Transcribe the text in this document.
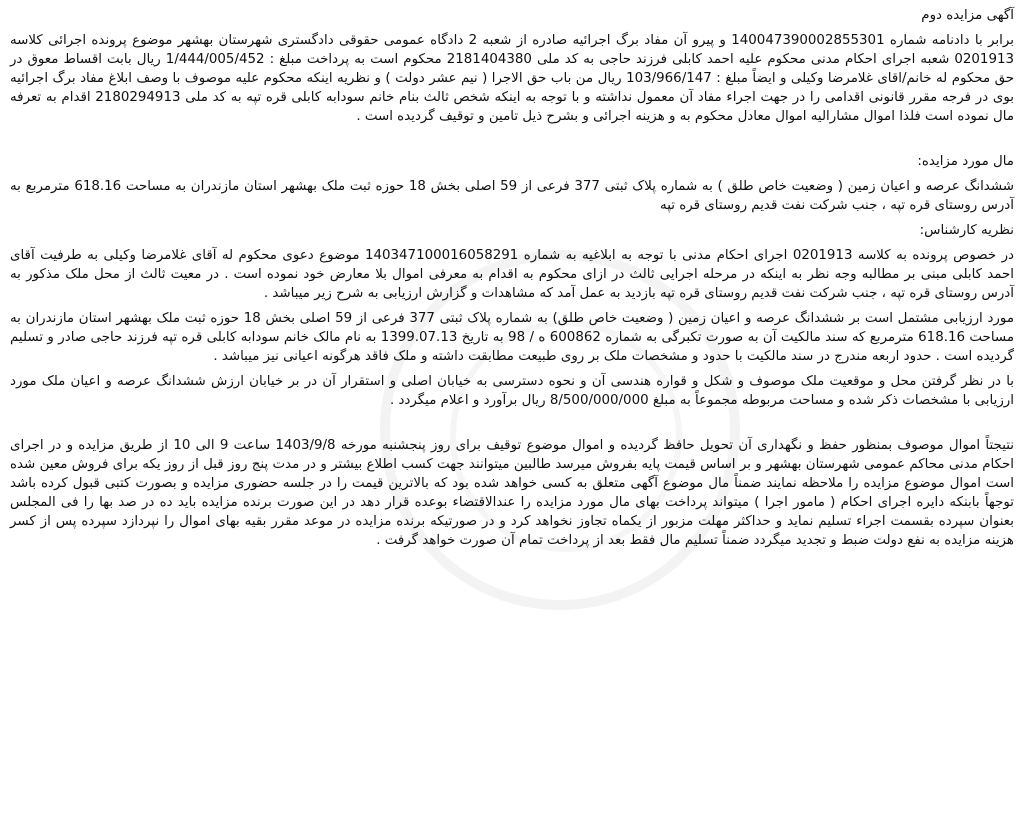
آگهی مزایده دوم

برابر با دادنامه شماره 140047390002855301 و پیرو آن مفاد برگ اجرائیه صادره از شعبه 2 دادگاه عمومی حقوقی دادگستری شهرستان بهشهر موضوع پرونده اجرائی کلاسه 0201913 شعبه اجرای احکام مدنی محکوم علیه احمد کابلی فرزند حاجی به کد ملی 2181404380 محکوم است به پرداخت مبلغ : 1/444/005/452 ریال بابت اقساط معوق در حق محکوم له خانم/اقای غلامرضا وکیلی و ایضاً مبلغ : 103/966/147 ریال من باب حق الاجرا ( نیم عشر دولت ) و نظریه اینکه محکوم علیه موصوف با وصف ابلاغ مفاد برگ اجرائیه بوی در فرجه مقرر قانونی اقدامی را در جهت اجراء مفاد آن معمول نداشته و با توجه به اینکه شخص ثالث بنام خانم سودابه کابلی قره تپه به کد ملی 2180294913 اقدام به تعرفه مال نموده است فلذا اموال مشارالیه اموال معادل محکوم به و هزینه اجرائی و بشرح ذیل تامین و توقیف گردیده است .

مال مورد مزایده:

ششدانگ عرصه و اعیان زمین ( وضعیت خاص طلق ) به شماره پلاک ثبتی 377 فرعی از 59 اصلی بخش 18 حوزه ثبت ملک بهشهر استان مازندران به مساحت 618.16 مترمربع به آدرس روستای قره تپه ، جنب شرکت نفت قدیم روستای قره تپه

نظریه کارشناس:

در خصوص پرونده به کلاسه 0201913 اجرای احکام مدنی با توجه به ابلاغیه به شماره 140347100016058291 موضوع دعوی محکوم له آقای غلامرضا وکیلی به طرفیت آقای احمد کابلی مبنی بر مطالبه وجه نظر به اینکه در مرحله اجرایی ثالث در ازای محکوم به اقدام به معرفی اموال بلا معارض خود نموده است . در معیت ثالث از محل ملک مذکور به آدرس روستای قره تپه ، جنب شرکت نفت قدیم روستای قره تپه بازدید به عمل آمد که مشاهدات و گزارش ارزیابی به شرح زیر میباشد .

مورد ارزیابی مشتمل است بر ششدانگ عرصه و اعیان زمین ( وضعیت خاص طلق) به شماره پلاک ثبتی 377 فرعی از 59 اصلی بخش 18 حوزه ثبت ملک بهشهر استان مازندران به مساحت 618.16 مترمربع که سند مالکیت آن به صورت تکبرگی به شماره 600862 ه / 98 به تاریخ 1399.07.13 به نام مالک خانم سودابه کابلی قره تپه فرزند حاجی صادر و تسلیم گردیده است . حدود اربعه مندرج در سند مالکیت با حدود و مشخصات ملک بر روی طبیعت مطابقت داشته و ملک فاقد هرگونه اعیانی نیز میباشد .

با در نظر گرفتن محل و موقعیت ملک موصوف و شکل و قواره هندسی آن و نحوه دسترسی به خیابان اصلی و استقرار آن در بر خیابان ارزش ششدانگ عرصه و اعیان ملک مورد ارزیابی با مشخصات ذکر شده و مساحت مربوطه مجموعاً به مبلغ 8/500/000/000 ریال برآورد و اعلام میگردد .

نتیجتاً اموال موصوف بمنظور حفظ و نگهداری آن تحویل حافظ گردیده و اموال موضوع توقیف برای روز پنجشنبه مورخه 1403/9/8 ساعت 9 الی 10 از طریق مزایده و در اجرای احکام مدنی محاکم عمومی شهرستان بهشهر و بر اساس قیمت پایه بفروش میرسد طالبین میتوانند جهت کسب اطلاع بیشتر و در مدت پنج روز قبل از روز یکه برای فروش معین شده است اموال موضوع مزایده را ملاحظه نمایند ضمناً مال موضوع آگهی متعلق به کسی خواهد شده بود که بالاترین قیمت را در جلسه حضوری مزایده و بصورت کتبی قبول کرده باشد توجهاً بابنکه دایره اجرای احکام ( مامور اجرا ) میتواند پرداخت بهای مال مورد مزایده را عندالاقتضاء بوعده قرار دهد در این صورت برنده مزایده باید ده در صد بها را فی المجلس بعنوان سپرده بقسمت اجراء تسلیم نماید و حداکثر مهلت مزبور از یکماه تجاوز نخواهد کرد و در صورتیکه برنده مزایده در موعد مقرر بقیه بهای اموال را نپردازد سپرده پس از کسر هزینه مزایده به نفع دولت ضبط و تجدید میگردد ضمناً تسلیم مال فقط بعد از پرداخت تمام آن صورت خواهد گرفت .
